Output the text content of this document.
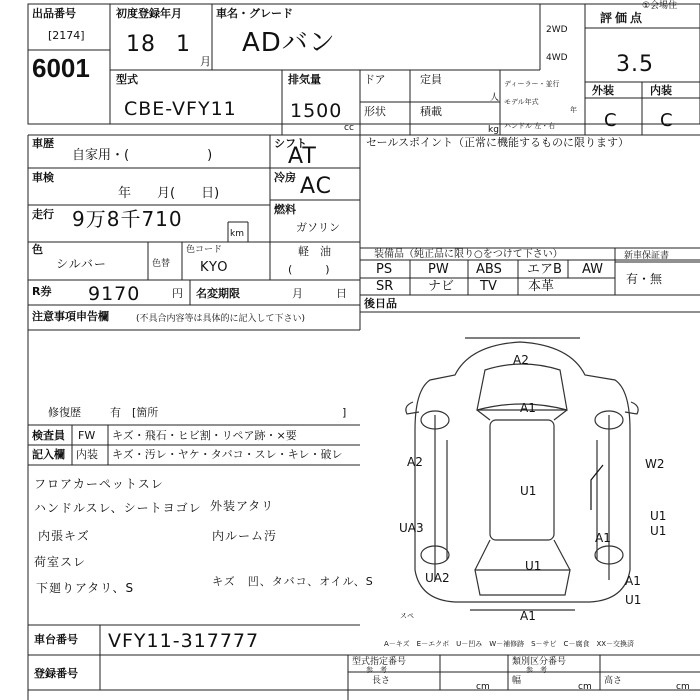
出品番号
[2174]
6001
初度登録年月
18 1
月
車名・グレード
ADバン	2WD
4WD
①会場住
評価点
3.5
型式
CBE-VFY11
排気量
1500
cc
ドア	定員
人
形状	積載
kg
ディーラー・並行
モデル年式
年
ハンドル 左・右
外装	内装
C C
車歴
自家用・(　　　　　　)
車検
年　　月(　　日)
走行 9万8千710
km
色
シルバー	色替
色コード
KYO
シフト
AT
冷房 AC
燃料
ガソリン
軽　油
(　　　)
R券 9170	円 名変期限	月　　　日
注意事項申告欄	(不具合内容等は具体的に記入して下さい)
修復歴	有　[箇所	]
検査員
記入欄
FW キズ・飛石・ヒビ割・リペア跡・×要
内装 キズ・汚レ・ヤケ・タバコ・スレ・キレ・破レ
フロアカーペットスレ
ハンドルスレ、シートヨゴレ 外装アタリ
内張キズ	内ルーム汚
荷室スレ
下廻りアタリ、S	キズ　凹、タバコ、オイル、S
セールスポイント（正常に機能するものに限ります）
装備品（純正品に限り○をつけて下さい）	新車保証書
有・無
PS	PW ABS エアB AW
SR	ナビ TV 本革
後日品
A2
A1
A2	W2
U1
U1
UA3
A1
U1
UA2	A1
U1
U1
A1
スペ
A－キズ　E－エクボ　U－凹み　W－補修跡　S－サビ　C－腐食　XX－交換済
車台番号 VFY11-317777
登録番号
型式指定番号
参　考
類別区分番号
参　考
長さ
cm
幅
cm
高さ
cm
